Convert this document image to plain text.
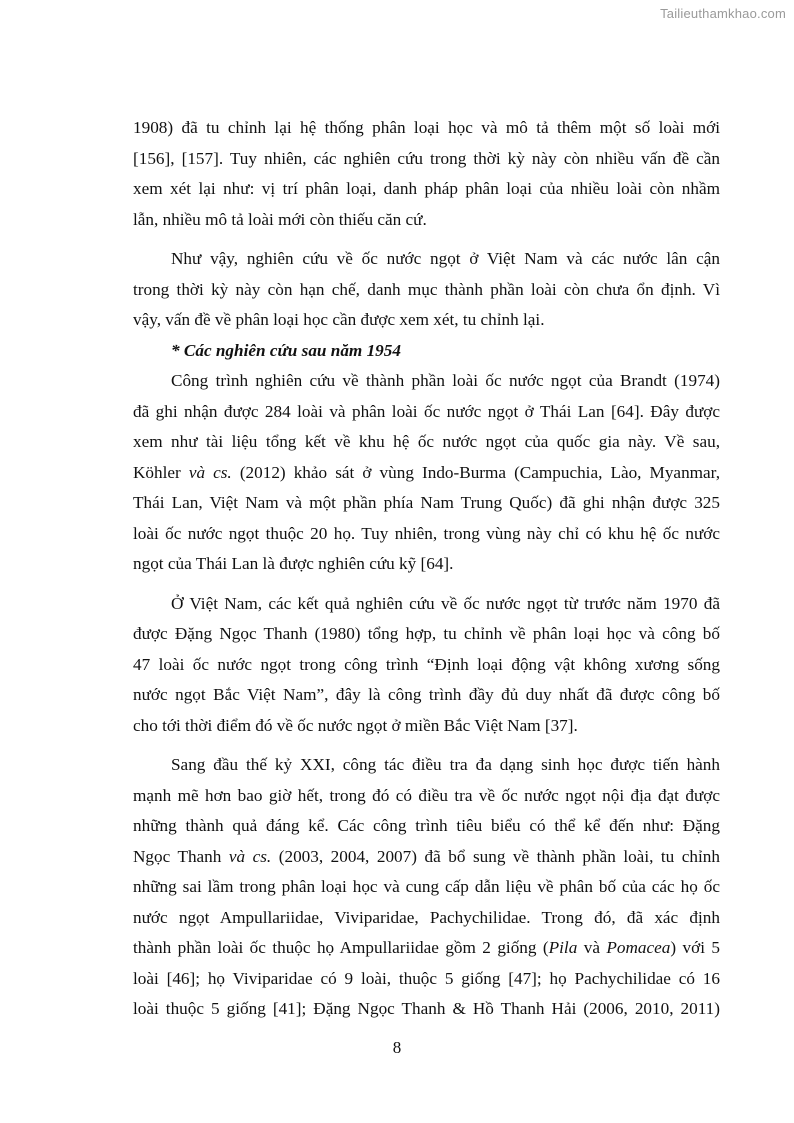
Tailieuthamkhao.com

1908) đã tu chỉnh lại hệ thống phân loại học và mô tả thêm một số loài mới
[156], [157]. Tuy nhiên, các nghiên cứu trong thời kỳ này còn nhiều vấn đề cần
xem xét lại như: vị trí phân loại, danh pháp phân loại của nhiều loài còn nhầm
lẫn, nhiều mô tả loài mới còn thiếu căn cứ.

Như vậy, nghiên cứu về ốc nước ngọt ở Việt Nam và các nước lân cận
trong thời kỳ này còn hạn chế, danh mục thành phần loài còn chưa ổn định. Vì
vậy, vấn đề về phân loại học cần được xem xét, tu chỉnh lại.

* Các nghiên cứu sau năm 1954

Công trình nghiên cứu về thành phần loài ốc nước ngọt của Brandt (1974)
đã ghi nhận được 284 loài và phân loài ốc nước ngọt ở Thái Lan [64]. Đây được
xem như tài liệu tổng kết về khu hệ ốc nước ngọt của quốc gia này. Về sau,
Köhler và cs. (2012) khảo sát ở vùng Indo-Burma (Campuchia, Lào, Myanmar,
Thái Lan, Việt Nam và một phần phía Nam Trung Quốc) đã ghi nhận được 325
loài ốc nước ngọt thuộc 20 họ. Tuy nhiên, trong vùng này chỉ có khu hệ ốc nước
ngọt của Thái Lan là được nghiên cứu kỹ [64].

Ở Việt Nam, các kết quả nghiên cứu về ốc nước ngọt từ trước năm 1970 đã
được Đặng Ngọc Thanh (1980) tổng hợp, tu chỉnh về phân loại học và công bố
47 loài ốc nước ngọt trong công trình “Định loại động vật không xương sống
nước ngọt Bắc Việt Nam”, đây là công trình đầy đủ duy nhất đã được công bố
cho tới thời điểm đó về ốc nước ngọt ở miền Bắc Việt Nam [37].

Sang đầu thế kỷ XXI, công tác điều tra đa dạng sinh học được tiến hành
mạnh mẽ hơn bao giờ hết, trong đó có điều tra về ốc nước ngọt nội địa đạt được
những thành quả đáng kể. Các công trình tiêu biểu có thể kể đến như: Đặng
Ngọc Thanh và cs. (2003, 2004, 2007) đã bổ sung về thành phần loài, tu chỉnh
những sai lầm trong phân loại học và cung cấp dẫn liệu về phân bố của các họ ốc
nước ngọt Ampullariidae, Viviparidae, Pachychilidae. Trong đó, đã xác định
thành phần loài ốc thuộc họ Ampullariidae gồm 2 giống (Pila và Pomacea) với 5
loài [46]; họ Viviparidae có 9 loài, thuộc 5 giống [47]; họ Pachychilidae có 16
loài thuộc 5 giống [41]; Đặng Ngọc Thanh & Hồ Thanh Hải (2006, 2010, 2011)

8
